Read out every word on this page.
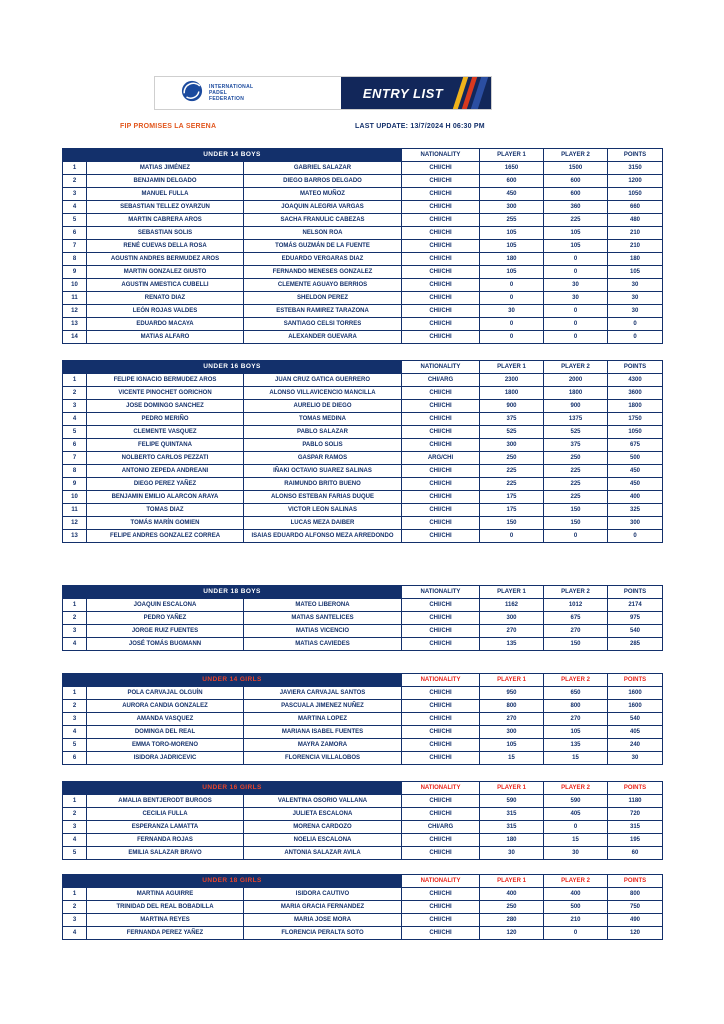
INTERNATIONAL
PADEL
FEDERATION	ENTRY LIST
FIP PROMISES LA SERENA	LAST UPDATE: 13/7/2024 H 06:30 PM
UNDER 14 BOYS			NATIONALITY	PLAYER 1	PLAYER 2	POINTS
1	MATIAS JIMÉNEZ	GABRIEL SALAZAR	CHI/CHI	1650	1500	3150
2	BENJAMIN DELGADO	DIEGO BARROS DELGADO	CHI/CHI	600	600	1200
3	MANUEL FULLA	MATEO MUÑOZ	CHI/CHI	450	600	1050
4	SEBASTIAN TELLEZ OYARZUN	JOAQUIN ALEGRIA VARGAS	CHI/CHI	300	360	660
5	MARTIN CABRERA AROS	SACHA FRANULIC CABEZAS	CHI/CHI	255	225	480
6	SEBASTIAN SOLIS	NELSON ROA	CHI/CHI	105	105	210
7	RENÉ CUEVAS DELLA ROSA	TOMÁS GUZMÁN DE LA FUENTE	CHI/CHI	105	105	210
8	AGUSTIN ANDRES BERMUDEZ AROS	EDUARDO VERGARAS DIAZ	CHI/CHI	180	0	180
9	MARTIN GONZALEZ GIUSTO	FERNANDO MENESES GONZALEZ	CHI/CHI	105	0	105
10	AGUSTIN AMESTICA CUBELLI	CLEMENTE AGUAYO BERRIOS	CHI/CHI	0	30	30
11	RENATO DIAZ	SHELDON PEREZ	CHI/CHI	0	30	30
12	LEÓN ROJAS VALDES	ESTEBAN RAMIREZ TARAZONA	CHI/CHI	30	0	30
13	EDUARDO MACAYA	SANTIAGO CELSI TORRES	CHI/CHI	0	0	0
14	MATIAS ALFARO	ALEXANDER GUEVARA	CHI/CHI	0	0	0
UNDER 16 BOYS			NATIONALITY	PLAYER 1	PLAYER 2	POINTS
1	FELIPE IGNACIO BERMUDEZ AROS	JUAN CRUZ GATICA GUERRERO	CHI/ARG	2300	2000	4300
2	VICENTE PINOCHET GORICHON	ALONSO VILLAVICENCIO MANCILLA	CHI/CHI	1800	1800	3600
3	JOSE DOMINGO SANCHEZ	AURELIO DE DIEGO	CHI/CHI	900	900	1800
4	PEDRO MERIÑO	TOMAS MEDINA	CHI/CHI	375	1375	1750
5	CLEMENTE VASQUEZ	PABLO SALAZAR	CHI/CHI	525	525	1050
6	FELIPE QUINTANA	PABLO SOLIS	CHI/CHI	300	375	675
7	NOLBERTO CARLOS PEZZATI	GASPAR RAMOS	ARG/CHI	250	250	500
8	ANTONIO ZEPEDA ANDREANI	IÑAKI OCTAVIO SUAREZ SALINAS	CHI/CHI	225	225	450
9	DIEGO PEREZ YAÑEZ	RAIMUNDO BRITO BUENO	CHI/CHI	225	225	450
10	BENJAMIN EMILIO ALARCON ARAYA	ALONSO ESTEBAN FARIAS DUQUE	CHI/CHI	175	225	400
11	TOMAS DIAZ	VICTOR LEON SALINAS	CHI/CHI	175	150	325
12	TOMÁS MARÍN GOMIEN	LUCAS MEZA DAIBER	CHI/CHI	150	150	300
13	FELIPE ANDRES GONZALEZ CORREA	ISAIAS EDUARDO ALFONSO MEZA ARREDONDO	CHI/CHI	0	0	0
UNDER 18 BOYS			NATIONALITY	PLAYER 1	PLAYER 2	POINTS
1	JOAQUIN ESCALONA	MATEO LIBERONA	CHI/CHI	1162	1012	2174
2	PEDRO YAÑEZ	MATIAS SANTELICES	CHI/CHI	300	675	975
3	JORGE RUIZ FUENTES	MATIAS VICENCIO	CHI/CHI	270	270	540
4	JOSÉ TOMÁS BUGMANN	MATIAS CAVIEDES	CHI/CHI	135	150	285
UNDER 14 GIRLS			NATIONALITY	PLAYER 1	PLAYER 2	POINTS
1	POLA CARVAJAL OLGUÍN	JAVIERA CARVAJAL SANTOS	CHI/CHI	950	650	1600
2	AURORA CANDIA GONZALEZ	PASCUALA JIMENEZ NUÑEZ	CHI/CHI	800	800	1600
3	AMANDA VASQUEZ	MARTINA LOPEZ	CHI/CHI	270	270	540
4	DOMINGA DEL REAL	MARIANA ISABEL FUENTES	CHI/CHI	300	105	405
5	EMMA TORO-MORENO	MAYRA ZAMORA	CHI/CHI	105	135	240
6	ISIDORA JADRICEVIC	FLORENCIA VILLALOBOS	CHI/CHI	15	15	30
UNDER 16 GIRLS			NATIONALITY	PLAYER 1	PLAYER 2	POINTS
1	AMALIA BENTJERODT BURGOS	VALENTINA OSORIO VALLANA	CHI/CHI	590	590	1180
2	CECILIA FULLA	JULIETA ESCALONA	CHI/CHI	315	405	720
3	ESPERANZA LAMATTA	MORENA CARDOZO	CHI/ARG	315	0	315
4	FERNANDA ROJAS	NOELIA ESCALONA	CHI/CHI	180	15	195
5	EMILIA SALAZAR BRAVO	ANTONIA SALAZAR AVILA	CHI/CHI	30	30	60
UNDER 18 GIRLS			NATIONALITY	PLAYER 1	PLAYER 2	POINTS
1	MARTINA AGUIRRE	ISIDORA CAUTIVO	CHI/CHI	400	400	800
2	TRINIDAD DEL REAL BOBADILLA	MARIA GRACIA FERNANDEZ	CHI/CHI	250	500	750
3	MARTINA REYES	MARIA JOSE MORA	CHI/CHI	280	210	490
4	FERNANDA PEREZ YAÑEZ	FLORENCIA PERALTA SOTO	CHI/CHI	120	0	120
